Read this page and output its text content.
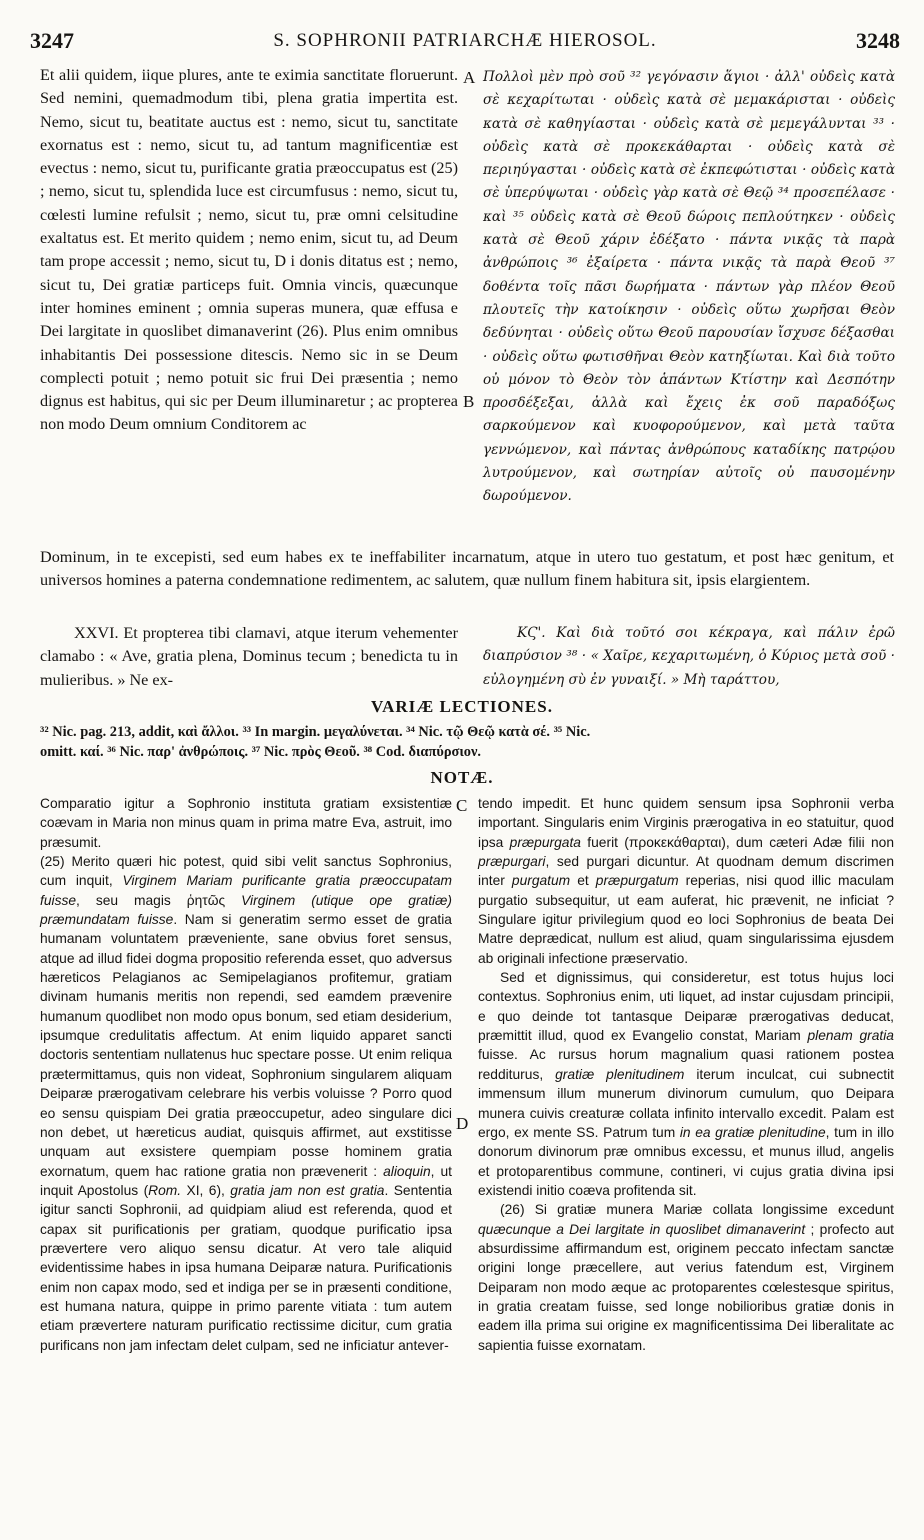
3247	S. SOPHRONII PATRIARCHÆ HIEROSOL.	3248

Et alii quidem, iique plures, ante te eximia sanctitate floruerunt. Sed nemini, quemadmodum tibi, plena gratia impertita est. Nemo, sicut tu, beatitate auctus est : nemo, sicut tu, sanctitate exornatus est : nemo, sicut tu, ad tantum magnificentiæ est evectus : nemo, sicut tu, purificante gratia præoccupatus est (25) ; nemo, sicut tu, splendida luce est circumfusus : nemo, sicut tu, cœlesti lumine refulsit ; nemo, sicut tu, præ omni celsitudine exaltatus est. Et merito quidem ; nemo enim, sicut tu, ad Deum tam prope accessit ; nemo, sicut tu, D i donis ditatus est ; nemo, sicut tu, Dei gratiæ particeps fuit. Omnia vincis, quæcunque inter homines eminent ; omnia superas munera, quæ effusa e Dei largitate in quoslibet dimanaverint (26). Plus enim omnibus inhabitantis Dei possessione ditescis. Nemo sic in se Deum complecti potuit ; nemo potuit sic frui Dei præsentia ; nemo dignus est habitus, qui sic per Deum illuminaretur ; ac propterea non modo Deum omnium Conditorem ac

Πολλοὶ μὲν πρὸ σοῦ ³² γεγόνασιν ἅγιοι · ἀλλ' οὐδεὶς κατὰ σὲ κεχαρίτωται · οὐδεὶς κατὰ σὲ μεμακάρισται · οὐδεὶς κατὰ σὲ καθηγίασται · οὐδεὶς κατὰ σὲ μεμεγάλυνται ³³ · οὐδεὶς κατὰ σὲ προκεκάθαρται · οὐδεὶς κατὰ σὲ περιηύγασται · οὐδεὶς κατὰ σὲ ἐκπεφώτισται · οὐδεὶς κατὰ σὲ ὑπερύψωται · οὐδεὶς γὰρ κατὰ σὲ Θεῷ ³⁴ προσεπέλασε · καὶ ³⁵ οὐδεὶς κατὰ σὲ Θεοῦ δώροις πεπλούτηκεν · οὐδεὶς κατὰ σὲ Θεοῦ χάριν ἐδέξατο · πάντα νικᾷς τὰ παρὰ ἀνθρώποις ³⁶ ἐξαίρετα · πάντα νικᾷς τὰ παρὰ Θεοῦ ³⁷ δοθέντα τοῖς πᾶσι δωρήματα · πάντων γὰρ πλέον Θεοῦ πλουτεῖς τὴν κατοίκησιν · οὐδεὶς οὕτω χωρῆσαι Θεὸν δεδύνηται · οὐδεὶς οὕτω Θεοῦ παρουσίαν ἴσχυσε δέξασθαι · οὐδεὶς οὕτω φωτισθῆναι Θεὸν κατηξίωται. Καὶ διὰ τοῦτο οὐ μόνον τὸ Θεὸν τὸν ἁπάντων Κτίστην καὶ Δεσπότην προσδέξεξαι, ἀλλὰ καὶ ἔχεις ἐκ σοῦ παραδόξως σαρκούμενον καὶ κυοφορούμενον, καὶ μετὰ ταῦτα γεννώμενον, καὶ πάντας ἀνθρώπους καταδίκης πατρῴου λυτρούμενον, καὶ σωτηρίαν αὐτοῖς οὐ παυσομένην δωρούμενον.

A
B
Dominum, in te excepisti, sed eum habes ex te ineffabiliter incarnatum, atque in utero tuo gestatum, et post hæc genitum, et universos homines a paterna condemnatione redimentem, ac salutem, quæ nullum finem habitura sit, ipsis elargientem.

XXVI. Et propterea tibi clamavi, atque iterum vehementer clamabo : « Ave, gratia plena, Dominus tecum ; benedicta tu in mulieribus. » Ne ex-

ΚϚ'. Καὶ διὰ τοῦτό σοι κέκραγα, καὶ πάλιν ἐρῶ διαπρύσιον ³⁸ · « Χαῖρε, κεχαριτωμένη, ὁ Κύριος μετὰ σοῦ · εὐλογημένη σὺ ἐν γυναιξί. » Μὴ ταράττου,

VARIÆ LECTIONES.
³² Nic. pag. 213, addit, καὶ ἄλλοι. ³³ In margin. μεγαλύνεται. ³⁴ Nic. τῷ Θεῷ κατὰ σέ. ³⁵ Nic.
omitt. καί. ³⁶ Nic. παρ' ἀνθρώποις. ³⁷ Nic. πρὸς Θεοῦ. ³⁸ Cod. διαπύρσιον.
NOTÆ.
C
D

Comparatio igitur a Sophronio instituta gratiam exsistentiæ coævam in Maria non minus quam in prima matre Eva, astruit, imo præsumit.

(25) Merito quæri hic potest, quid sibi velit sanctus Sophronius, cum inquit, Virginem Mariam purificante gratia præoccupatam fuisse, seu magis ῥητῶς Virginem (utique ope gratiæ) præmundatam fuisse. Nam si generatim sermo esset de gratia humanam voluntatem præveniente, sane obvius foret sensus, atque ad illud fidei dogma propositio referenda esset, quo adversus hæreticos Pelagianos ac Semipelagianos profitemur, gratiam divinam humanis meritis non rependi, sed eamdem prævenire humanum quodlibet non modo opus bonum, sed etiam desiderium, ipsumque credulitatis affectum. At enim liquido apparet sancti doctoris sententiam nullatenus huc spectare posse. Ut enim reliqua prætermittamus, quis non videat, Sophronium singularem aliquam Deiparæ prærogativam celebrare his verbis voluisse ? Porro quod eo sensu quispiam Dei gratia præoccupetur, adeo singulare dici non debet, ut hæreticus audiat, quisquis affirmet, aut exstitisse unquam aut exsistere quempiam posse hominem gratia exornatum, quem hac ratione gratia non prævenerit : alioquin, ut inquit Apostolus (Rom. XI, 6), gratia jam non est gratia. Sententia igitur sancti Sophronii, ad quidpiam aliud est referenda, quod et capax sit purificationis per gratiam, quodque purificatio ipsa prævertere vero aliquo sensu dicatur. At vero tale aliquid evidentissime habes in ipsa humana Deiparæ natura. Purificationis enim non capax modo, sed et indiga per se in præsenti conditione, est humana natura, quippe in primo parente vitiata : tum autem etiam prævertere naturam purificatio rectissime dicitur, cum gratia purificans non jam infectam delet culpam, sed ne inficiatur antever-

tendo impedit. Et hunc quidem sensum ipsa Sophronii verba important. Singularis enim Virginis prærogativa in eo statuitur, quod ipsa præpurgata fuerit (προκεκάθαρται), dum cæteri Adæ filii non præpurgari, sed purgari dicuntur. At quodnam demum discrimen inter purgatum et præpurgatum reperias, nisi quod illic maculam purgatio subsequitur, ut eam auferat, hic prævenit, ne inficiat ? Singulare igitur privilegium quod eo loci Sophronius de beata Dei Matre deprædicat, nullum est aliud, quam singularissima ejusdem ab originali infectione præservatio.

Sed et dignissimus, qui consideretur, est totus hujus loci contextus. Sophronius enim, uti liquet, ad instar cujusdam principii, e quo deinde tot tantasque Deiparæ prærogativas deducat, præmittit illud, quod ex Evangelio constat, Mariam plenam gratia fuisse. Ac rursus horum magnalium quasi rationem postea redditurus, gratiæ plenitudinem iterum inculcat, cui subnectit immensum illum munerum divinorum cumulum, quo Deipara munera cuivis creaturæ collata infinito intervallo excedit. Palam est ergo, ex mente SS. Patrum tum in ea gratiæ plenitudine, tum in illo donorum divinorum præ omnibus excessu, et munus illud, angelis et protoparentibus commune, contineri, vi cujus gratia divina ipsi existendi initio coæva profitenda sit.

(26) Si gratiæ munera Mariæ collata longissime excedunt quæcunque a Dei largitate in quoslibet dimanaverint ; profecto aut absurdissime affirmandum est, originem peccato infectam sanctæ origini longe præcellere, aut verius fatendum est, Virginem Deiparam non modo æque ac protoparentes cœlestesque spiritus, in gratia creatam fuisse, sed longe nobilioribus gratiæ donis in eadem illa prima sui origine ex magnificentissima Dei liberalitate ac sapientia fuisse exornatam.
